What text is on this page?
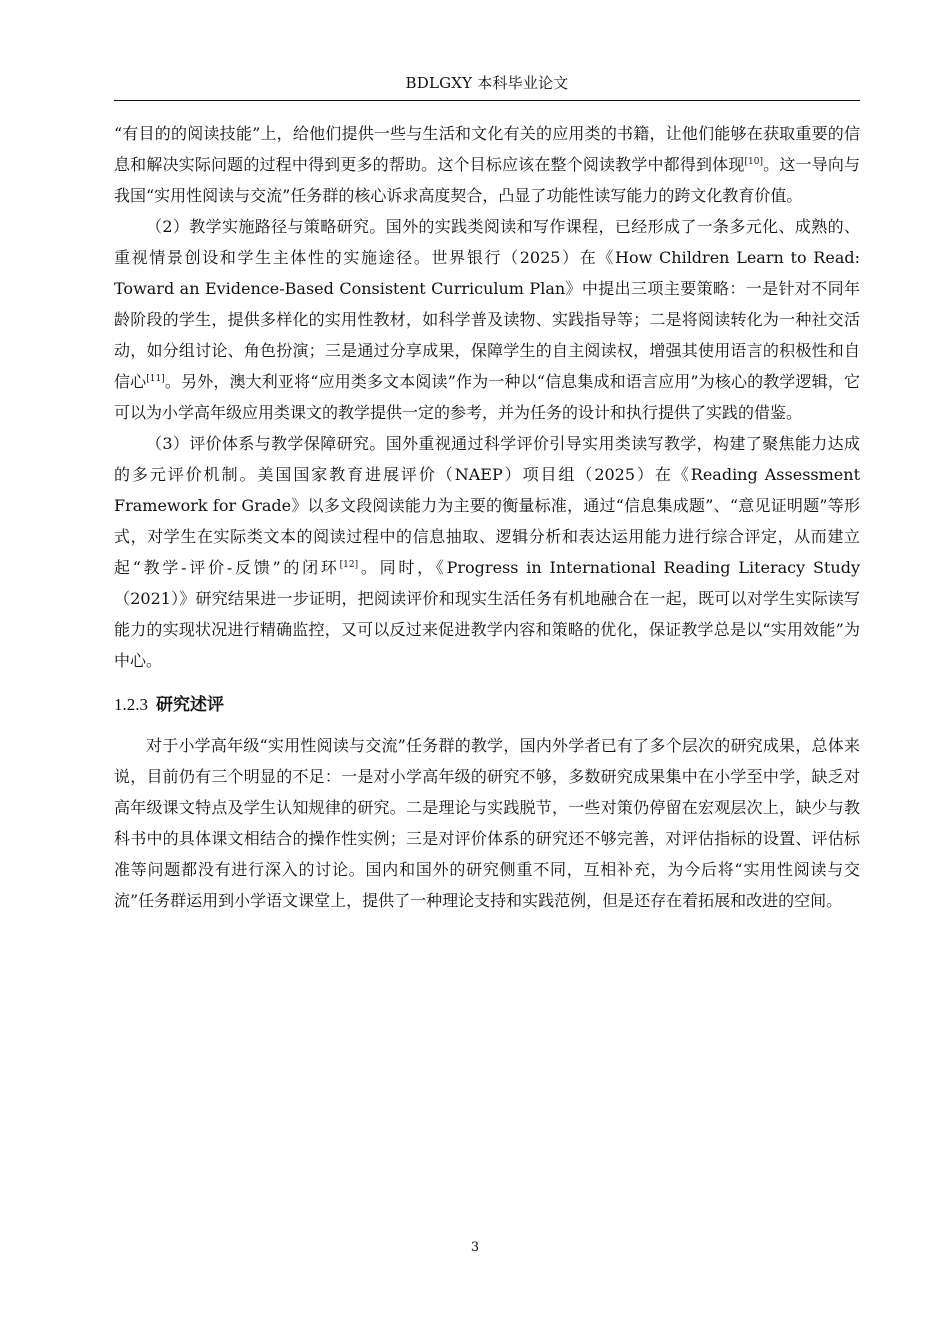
BDLGXY 本科毕业论文

“有目的的阅读技能”上，给他们提供一些与生活和文化有关的应用类的书籍，让他们能够在获取重要的信息和解决实际问题的过程中得到更多的帮助。这个目标应该在整个阅读教学中都得到体现[10]。这一导向与我国“实用性阅读与交流”任务群的核心诉求高度契合，凸显了功能性读写能力的跨文化教育价值。

（2）教学实施路径与策略研究。国外的实践类阅读和写作课程，已经形成了一条多元化、成熟的、重视情景创设和学生主体性的实施途径。世界银行（2025）在《How Children Learn to Read: Toward an Evidence-Based Consistent Curriculum Plan》中提出三项主要策略：一是针对不同年龄阶段的学生，提供多样化的实用性教材，如科学普及读物、实践指导等；二是将阅读转化为一种社交活动，如分组讨论、角色扮演；三是通过分享成果，保障学生的自主阅读权，增强其使用语言的积极性和自信心[11]。另外，澳大利亚将“应用类多文本阅读”作为一种以“信息集成和语言应用”为核心的教学逻辑，它可以为小学高年级应用类课文的教学提供一定的参考，并为任务的设计和执行提供了实践的借鉴。

（3）评价体系与教学保障研究。国外重视通过科学评价引导实用类读写教学，构建了聚焦能力达成的多元评价机制。美国国家教育进展评价（NAEP）项目组（2025）在《Reading Assessment Framework for Grade》以多文段阅读能力为主要的衡量标准，通过“信息集成题”、“意见证明题”等形式，对学生在实际类文本的阅读过程中的信息抽取、逻辑分析和表达运用能力进行综合评定，从而建立起“教学-评价-反馈”的闭环[12]。同时，《Progress in International Reading Literacy Study（2021）》研究结果进一步证明，把阅读评价和现实生活任务有机地融合在一起，既可以对学生实际读写能力的实现状况进行精确监控，又可以反过来促进教学内容和策略的优化，保证教学总是以“实用效能”为中心。

1.2.3 研究述评

对于小学高年级“实用性阅读与交流”任务群的教学，国内外学者已有了多个层次的研究成果，总体来说，目前仍有三个明显的不足：一是对小学高年级的研究不够，多数研究成果集中在小学至中学，缺乏对高年级课文特点及学生认知规律的研究。二是理论与实践脱节，一些对策仍停留在宏观层次上，缺少与教科书中的具体课文相结合的操作性实例；三是对评价体系的研究还不够完善，对评估指标的设置、评估标准等问题都没有进行深入的讨论。国内和国外的研究侧重不同，互相补充，为今后将“实用性阅读与交流”任务群运用到小学语文课堂上，提供了一种理论支持和实践范例，但是还存在着拓展和改进的空间。

3
